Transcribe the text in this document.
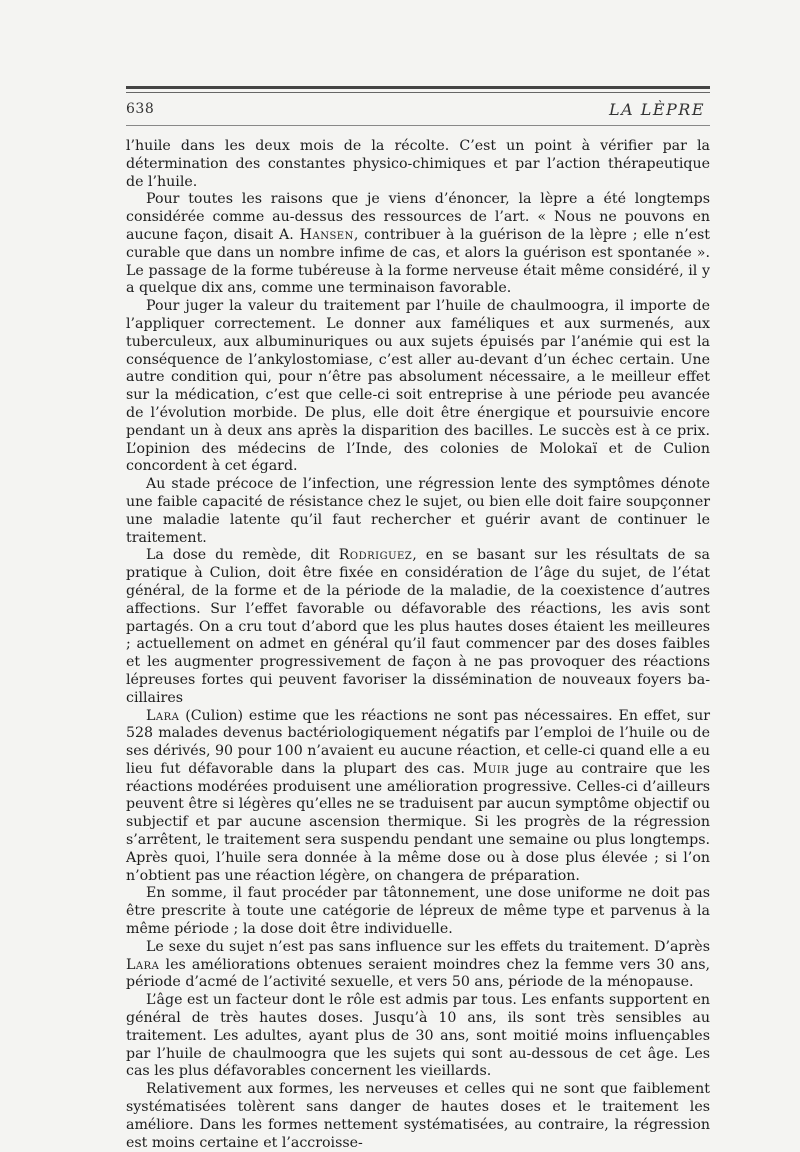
638	LA LÈPRE

l’huile dans les deux mois de la récolte. C’est un point à vérifier par la détermination des constantes physico-chimiques et par l’action thérapeutique de l’huile.

Pour toutes les raisons que je viens d’énoncer, la lèpre a été longtemps considérée comme au-dessus des ressources de l’art. « Nous ne pouvons en aucune façon, disait A. Hansen, contribuer à la guérison de la lèpre ; elle n’est curable que dans un nombre infime de cas, et alors la guérison est spontanée ». Le passage de la forme tubéreuse à la forme nerveuse était même considéré, il y a quelque dix ans, comme une terminaison favorable.

Pour juger la valeur du traitement par l’huile de chaulmoogra, il importe de l’appliquer correctement. Le donner aux faméliques et aux surmenés, aux tuberculeux, aux albuminuriques ou aux sujets épuisés par l’anémie qui est la conséquence de l’ankylostomiase, c’est aller au-devant d’un échec certain. Une autre condition qui, pour n’être pas absolument nécessaire, a le meilleur effet sur la médication, c’est que celle-ci soit entreprise à une période peu avancée de l’évolution morbide. De plus, elle doit être énergique et poursuivie encore pendant un à deux ans après la disparition des bacilles. Le succès est à ce prix. L’opinion des médecins de l’Inde, des colonies de Molokaï et de Culion concordent à cet égard.

Au stade précoce de l’infection, une régression lente des symptômes dénote une faible capacité de résistance chez le sujet, ou bien elle doit faire soupçonner une maladie latente qu’il faut rechercher et guérir avant de continuer le traitement.

La dose du remède, dit Rodriguez, en se basant sur les résultats de sa pratique à Culion, doit être fixée en considération de l’âge du sujet, de l’état général, de la forme et de la période de la maladie, de la coexistence d’autres affections. Sur l’effet favorable ou défavorable des réactions, les avis sont partagés. On a cru tout d’abord que les plus hautes doses étaient les meilleures ; actuellement on admet en général qu’il faut commencer par des doses faibles et les augmenter progressivement de façon à ne pas provoquer des réactions lépreuses fortes qui peuvent favoriser la dissémination de nouveaux foyers bacillaires

Lara (Culion) estime que les réactions ne sont pas nécessaires. En effet, sur 528 malades devenus bactériologiquement négatifs par l’emploi de l’huile ou de ses dérivés, 90 pour 100 n’avaient eu aucune réaction, et celle-ci quand elle a eu lieu fut défavorable dans la plupart des cas. Muir juge au contraire que les réactions modérées produisent une amélioration progressive. Celles-ci d’ailleurs peuvent être si légères qu’elles ne se traduisent par aucun symptôme objectif ou subjectif et par aucune ascension thermique. Si les progrès de la régression s’arrêtent, le traitement sera suspendu pendant une semaine ou plus longtemps. Après quoi, l’huile sera donnée à la même dose ou à dose plus élevée ; si l’on n’obtient pas une réaction légère, on changera de préparation.

En somme, il faut procéder par tâtonnement, une dose uniforme ne doit pas être prescrite à toute une catégorie de lépreux de même type et parvenus à la même période ; la dose doit être individuelle.

Le sexe du sujet n’est pas sans influence sur les effets du traitement. D’après Lara les améliorations obtenues seraient moindres chez la femme vers 30 ans, période d’acmé de l’activité sexuelle, et vers 50 ans, période de la ménopause.

L’âge est un facteur dont le rôle est admis par tous. Les enfants supportent en général de très hautes doses. Jusqu’à 10 ans, ils sont très sensibles au traitement. Les adultes, ayant plus de 30 ans, sont moitié moins influençables par l’huile de chaulmoogra que les sujets qui sont au-dessous de cet âge. Les cas les plus défavorables concernent les vieillards.

Relativement aux formes, les nerveuses et celles qui ne sont que faiblement systématisées tolèrent sans danger de hautes doses et le traitement les améliore. Dans les formes nettement systématisées, au contraire, la régression est moins certaine et l’accroisse-
